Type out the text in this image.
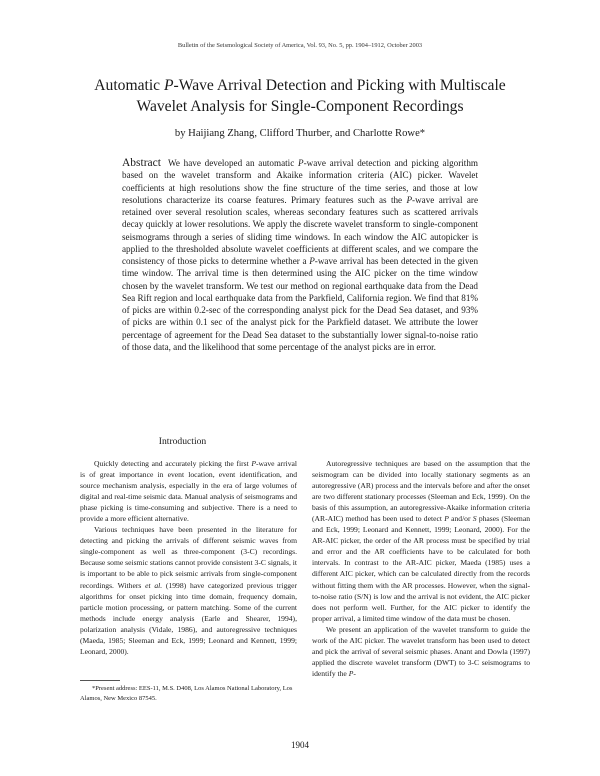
Bulletin of the Seismological Society of America, Vol. 93, No. 5, pp. 1904–1912, October 2003
Automatic P-Wave Arrival Detection and Picking with Multiscale
Wavelet Analysis for Single-Component Recordings
by Haijiang Zhang, Clifford Thurber, and Charlotte Rowe*
Abstract We have developed an automatic P-wave arrival detection and picking algorithm based on the wavelet transform and Akaike information criteria (AIC) picker. Wavelet coefficients at high resolutions show the fine structure of the time series, and those at low resolutions characterize its coarse features. Primary features such as the P-wave arrival are retained over several resolution scales, whereas secondary features such as scattered arrivals decay quickly at lower resolutions. We apply the discrete wavelet transform to single-component seismograms through a series of sliding time windows. In each window the AIC autopicker is applied to the thresholded absolute wavelet coefficients at different scales, and we compare the consistency of those picks to determine whether a P-wave arrival has been detected in the given time window. The arrival time is then determined using the AIC picker on the time window chosen by the wavelet transform. We test our method on regional earthquake data from the Dead Sea Rift region and local earthquake data from the Parkfield, California region. We find that 81% of picks are within 0.2-sec of the corresponding analyst pick for the Dead Sea dataset, and 93% of picks are within 0.1 sec of the analyst pick for the Parkfield dataset. We attribute the lower percentage of agreement for the Dead Sea dataset to the substantially lower signal-to-noise ratio of those data, and the likelihood that some percentage of the analyst picks are in error.
Introduction

Quickly detecting and accurately picking the first P-wave arrival is of great importance in event location, event identification, and source mechanism analysis, especially in the era of large volumes of digital and real-time seismic data. Manual analysis of seismograms and phase picking is time-consuming and subjective. There is a need to provide a more efficient alternative.

Various techniques have been presented in the literature for detecting and picking the arrivals of different seismic waves from single-component as well as three-component (3-C) recordings. Because some seismic stations cannot provide consistent 3-C signals, it is important to be able to pick seismic arrivals from single-component recordings. Withers et al. (1998) have categorized previous trigger algorithms for onset picking into time domain, frequency domain, particle motion processing, or pattern matching. Some of the current methods include energy analysis (Earle and Shearer, 1994), polarization analysis (Vidale, 1986), and autoregressive techniques (Maeda, 1985; Sleeman and Eck, 1999; Leonard and Kennett, 1999; Leonard, 2000).

Autoregressive techniques are based on the assumption that the seismogram can be divided into locally stationary segments as an autoregressive (AR) process and the intervals before and after the onset are two different stationary processes (Sleeman and Eck, 1999). On the basis of this assumption, an autoregressive-Akaike information criteria (AR-AIC) method has been used to detect P and/or S phases (Sleeman and Eck, 1999; Leonard and Kennett, 1999; Leonard, 2000). For the AR-AIC picker, the order of the AR process must be specified by trial and error and the AR coefficients have to be calculated for both intervals. In contrast to the AR-AIC picker, Maeda (1985) uses a different AIC picker, which can be calculated directly from the records without fitting them with the AR processes. However, when the signal-to-noise ratio (S/N) is low and the arrival is not evident, the AIC picker does not perform well. Further, for the AIC picker to identify the proper arrival, a limited time window of the data must be chosen.

We present an application of the wavelet transform to guide the work of the AIC picker. The wavelet transform has been used to detect and pick the arrival of several seismic phases. Anant and Dowla (1997) applied the discrete wavelet transform (DWT) to 3-C seismograms to identify the P-

*Present address: EES-11, M.S. D408, Los Alamos National Laboratory, Los Alamos, New Mexico 87545.
1904
